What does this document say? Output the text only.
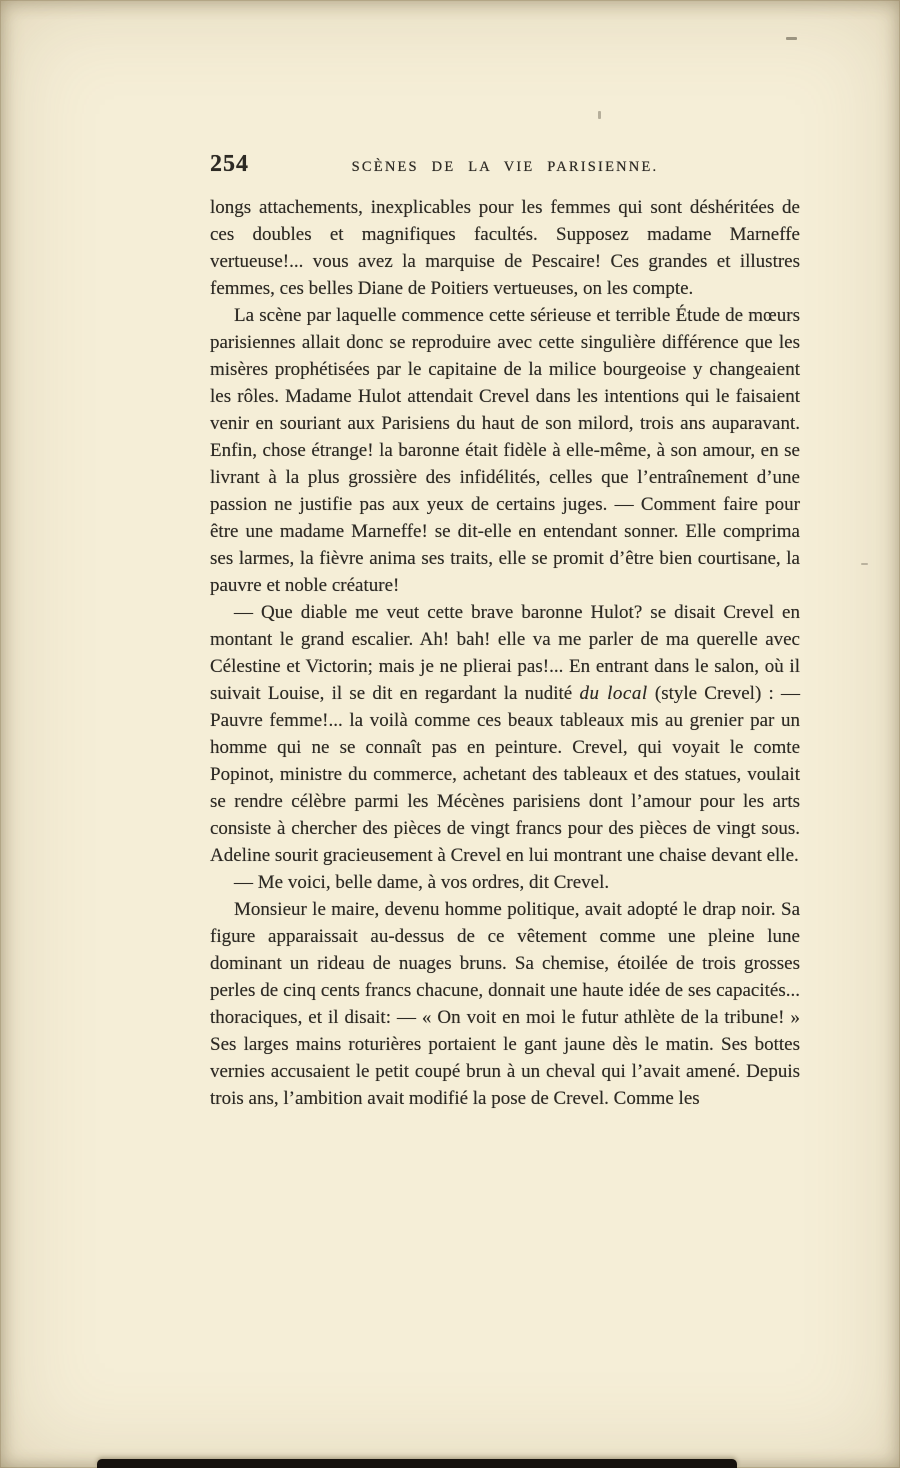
254	SCÈNES DE LA VIE PARISIENNE.

longs attachements, inexplicables pour les femmes qui sont déshéritées de ces doubles et magnifiques facultés. Supposez madame Marneffe vertueuse!... vous avez la marquise de Pescaire! Ces grandes et illustres femmes, ces belles Diane de Poitiers vertueuses, on les compte.

La scène par laquelle commence cette sérieuse et terrible Étude de mœurs parisiennes allait donc se reproduire avec cette singulière différence que les misères prophétisées par le capitaine de la milice bourgeoise y changeaient les rôles. Madame Hulot attendait Crevel dans les intentions qui le faisaient venir en souriant aux Parisiens du haut de son milord, trois ans auparavant. Enfin, chose étrange! la baronne était fidèle à elle-même, à son amour, en se livrant à la plus grossière des infidélités, celles que l’entraînement d’une passion ne justifie pas aux yeux de certains juges. — Comment faire pour être une madame Marneffe! se dit-elle en entendant sonner. Elle comprima ses larmes, la fièvre anima ses traits, elle se promit d’être bien courtisane, la pauvre et noble créature!

— Que diable me veut cette brave baronne Hulot? se disait Crevel en montant le grand escalier. Ah! bah! elle va me parler de ma querelle avec Célestine et Victorin; mais je ne plierai pas!... En entrant dans le salon, où il suivait Louise, il se dit en regardant la nudité du local (style Crevel) : — Pauvre femme!... la voilà comme ces beaux tableaux mis au grenier par un homme qui ne se connaît pas en peinture. Crevel, qui voyait le comte Popinot, ministre du commerce, achetant des tableaux et des statues, voulait se rendre célèbre parmi les Mécènes parisiens dont l’amour pour les arts consiste à chercher des pièces de vingt francs pour des pièces de vingt sous. Adeline sourit gracieusement à Crevel en lui montrant une chaise devant elle.

— Me voici, belle dame, à vos ordres, dit Crevel.

Monsieur le maire, devenu homme politique, avait adopté le drap noir. Sa figure apparaissait au-dessus de ce vêtement comme une pleine lune dominant un rideau de nuages bruns. Sa chemise, étoilée de trois grosses perles de cinq cents francs chacune, donnait une haute idée de ses capacités... thoraciques, et il disait: — « On voit en moi le futur athlète de la tribune! » Ses larges mains roturières portaient le gant jaune dès le matin. Ses bottes vernies accusaient le petit coupé brun à un cheval qui l’avait amené. Depuis trois ans, l’ambition avait modifié la pose de Crevel. Comme les
